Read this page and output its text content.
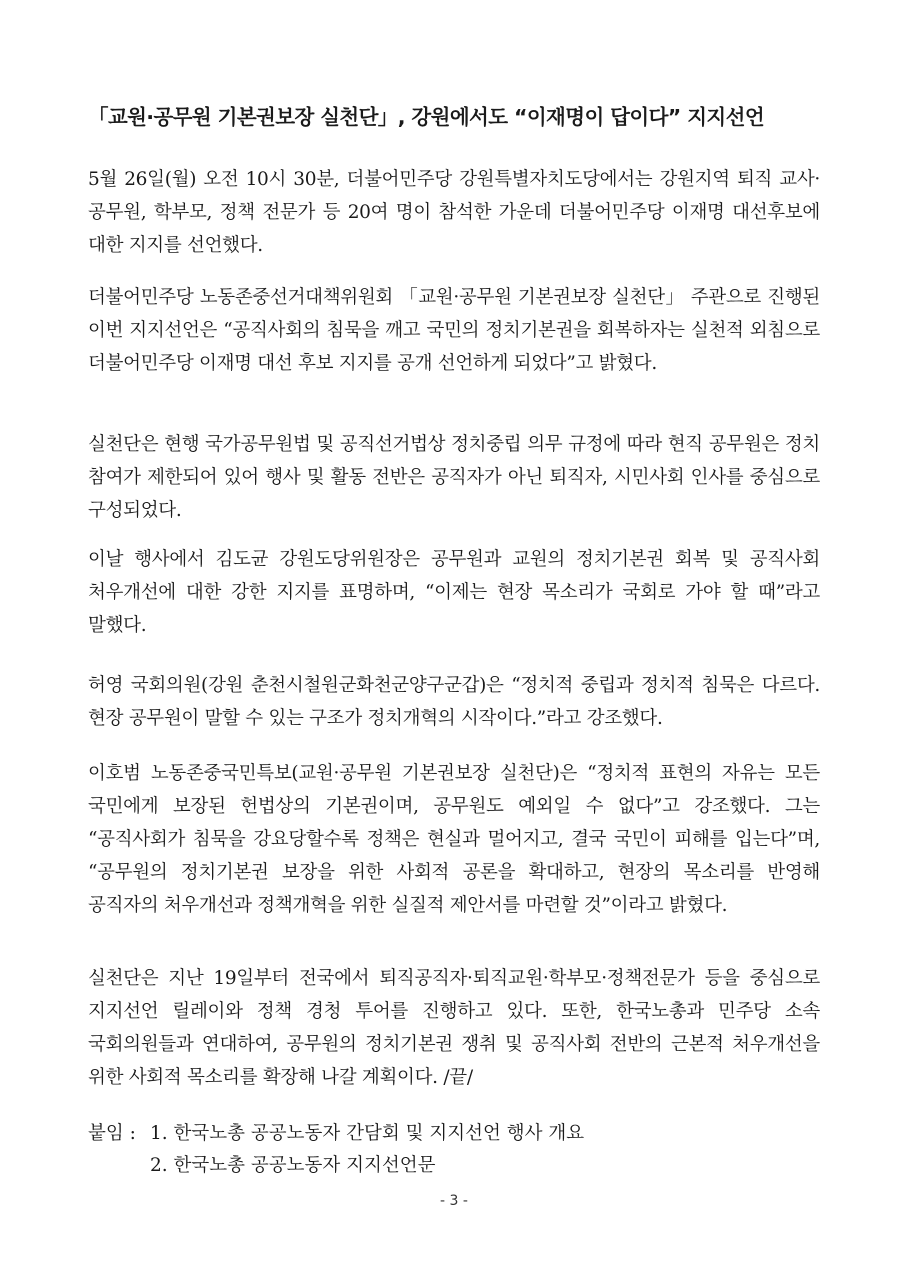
「교원·공무원 기본권보장 실천단」, 강원에서도 “이재명이 답이다” 지지선언

5월 26일(월) 오전 10시 30분, 더불어민주당 강원특별자치도당에서는 강원지역 퇴직 교사·공무원, 학부모, 정책 전문가 등 20여 명이 참석한 가운데 더불어민주당 이재명 대선후보에 대한 지지를 선언했다.

더불어민주당 노동존중선거대책위원회 「교원·공무원 기본권보장 실천단」 주관으로 진행된 이번 지지선언은 “공직사회의 침묵을 깨고 국민의 정치기본권을 회복하자는 실천적 외침으로 더불어민주당 이재명 대선 후보 지지를 공개 선언하게 되었다”고 밝혔다.

실천단은 현행 국가공무원법 및 공직선거법상 정치중립 의무 규정에 따라 현직 공무원은 정치 참여가 제한되어 있어 행사 및 활동 전반은 공직자가 아닌 퇴직자, 시민사회 인사를 중심으로 구성되었다.

이날 행사에서 김도균 강원도당위원장은 공무원과 교원의 정치기본권 회복 및 공직사회 처우개선에 대한 강한 지지를 표명하며, “이제는 현장 목소리가 국회로 가야 할 때”라고 말했다.

허영 국회의원(강원 춘천시철원군화천군양구군갑)은 “정치적 중립과 정치적 침묵은 다르다. 현장 공무원이 말할 수 있는 구조가 정치개혁의 시작이다.”라고 강조했다.

이호범 노동존중국민특보(교원·공무원 기본권보장 실천단)은 “정치적 표현의 자유는 모든 국민에게 보장된 헌법상의 기본권이며, 공무원도 예외일 수 없다”고 강조했다. 그는 “공직사회가 침묵을 강요당할수록 정책은 현실과 멀어지고, 결국 국민이 피해를 입는다”며, “공무원의 정치기본권 보장을 위한 사회적 공론을 확대하고, 현장의 목소리를 반영해 공직자의 처우개선과 정책개혁을 위한 실질적 제안서를 마련할 것”이라고 밝혔다.

실천단은 지난 19일부터 전국에서 퇴직공직자·퇴직교원·학부모·정책전문가 등을 중심으로 지지선언 릴레이와 정책 경청 투어를 진행하고 있다. 또한, 한국노총과 민주당 소속 국회의원들과 연대하여, 공무원의 정치기본권 쟁취 및 공직사회 전반의 근본적 처우개선을 위한 사회적 목소리를 확장해 나갈 계획이다. /끝/

붙임 : 1. 한국노총 공공노동자 간담회 및 지지선언 행사 개요
2. 한국노총 공공노동자 지지선언문
- 3 -
